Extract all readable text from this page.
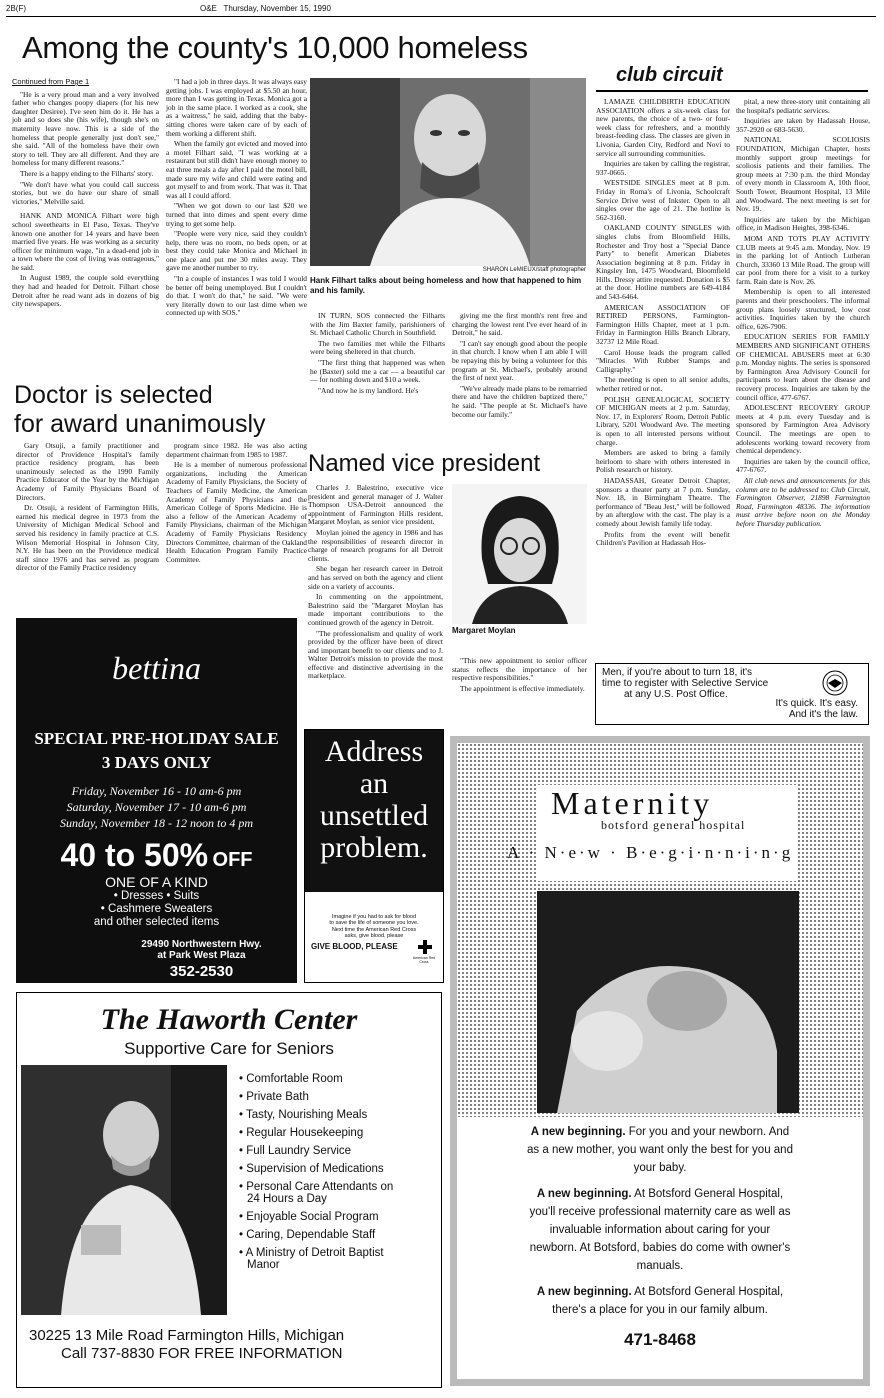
2B(F)	O&E Thursday, November 15, 1990
Among the county's 10,000 homeless
Continued from Page 1

"He is a very proud man and a very involved father who changes poopy diapers (for his new daughter Desiree). I've seen him do it. He has a job and so does she (his wife), though she's on maternity leave now. This is a side of the homeless that people generally just don't see," she said. "All of the homeless have their own story to tell. They are all different. And they are homeless for many different reasons."

There is a happy ending to the Filharts' story.

"We don't have what you could call success stories, but we do have our share of small victories," Melville said.

HANK AND MONICA Filhart were high school sweethearts in El Paso, Texas. They've known one another for 14 years and have been married five years. He was working as a security officer for minimum wage, "in a dead-end job in a town where the cost of living was outrageous," he said.

In August 1989, the couple sold everything they had and headed for Detroit. Filhart chose Detroit after he read want ads in dozens of big city newspapers.

"I had a job in three days. It was always easy getting jobs. I was employed at $5.50 an hour, more than I was getting in Texas. Monica got a job in the same place. I worked as a cook, she as a waitress," he said, adding that the baby-sitting chores were taken care of by each of them working a different shift.

When the family got evicted and moved into a motel Filhart said, "I was working at a restaurant but still didn't have enough money to eat three meals a day after I paid the motel bill, made sure my wife and child were eating and got myself to and from work. That was it. That was all I could afford.

"When we got down to our last $20 we turned that into dimes and spent every dime trying to get some help.

"People were very nice, said they couldn't help, there was no room, no beds open, or at best they could take Monica and Michael in one place and put me 30 miles away. They gave me another number to try.

"In a couple of instances I was told I would be better off being unemployed. But I couldn't do that. I won't do that," he said. "We were very literally down to our last dime when we connected up with SOS."

SHARON LeMIEUX/staff photographer
Hank Filhart talks about being homeless and how that happened to him and his family.

IN TURN, SOS connected the Filharts with the Jim Baxter family, parishioners of St. Michael Catholic Church in Southfield.

The two families met while the Filharts were being sheltered in that church.

"The first thing that happened was when he (Baxter) sold me a car — a beautiful car — for nothing down and $10 a week.

"And now he is my landlord. He's

giving me the first month's rent free and charging the lowest rent I've ever heard of in Detroit," he said.

"I can't say enough good about the people in that church. I know when I am able I will be repaying this by being a volunteer for this program at St. Michael's, probably around the first of next year.

"We've already made plans to be remarried there and have the children baptized there," he said. "The people at St. Michael's have become our family."

Doctor is selected
for award unanimously

Gary Otsuji, a family practitioner and director of Providence Hospital's family practice residency program, has been unanimously selected as the 1990 Family Practice Educator of the Year by the Michigan Academy of Family Physicians Board of Directors.

Dr. Otsuji, a resident of Farmington Hills, earned his medical degree in 1973 from the University of Michigan Medical School and served his residency in family practice at C.S. Wilson Memorial Hospital in Johnson City, N.Y. He has been on the Providence medical staff since 1976 and has served as program director of the Family Practice residency

program since 1982. He was also acting department chairman from 1985 to 1987.

He is a member of numerous professional organizations, including the American Academy of Family Physicians, the Society of Teachers of Family Medicine, the American Academy of Family Physicians and the American College of Sports Medicine. He is also a fellow of the American Academy of Family Physicians, chairman of the Michigan Academy of Family Physicians Residency Directors Committee, chairman of the Oakland Health Education Program Family Practice Committee.

Named vice president

Charles J. Balestrino, executive vice president and general manager of J. Walter Thompson USA-Detroit announced the appointment of Farmington Hills resident, Margaret Moylan, as senior vice president.

Moylan joined the agency in 1986 and has the responsibilities of research director in charge of research programs for all Detroit clients.

She began her research career in Detroit and has served on both the agency and client side on a variety of accounts.

In commenting on the appointment, Balestrino said the "Margaret Moylan has made important contributions to the continued growth of the agency in Detroit.

"The professionalism and quality of work provided by the officer have been of direct and important benefit to our clients and to J. Walter Detroit's mission to provide the most effective and distinctive advertising in the marketplace.

Margaret Moylan

"This new appointment to senior officer status reflects the importance of her respective responsibilities."

The appointment is effective immediately.

club circuit

LAMAZE CHILDBIRTH EDUCATION ASSOCIATION offers a six-week class for new parents, the choice of a two- or four-week class for refreshers, and a monthly breast-feeding class. The classes are given in Livonia, Garden City, Redford and Novi to service all surrounding communities.

Inquiries are taken by calling the registrar, 937-0665.

WESTSIDE SINGLES meet at 8 p.m. Friday in Roma's of Livonia, Schoolcraft Service Drive west of Inkster. Open to all singles over the age of 21. The hotline is 562-3160.

OAKLAND COUNTY SINGLES with singles clubs from Bloomfield Hills, Rochester and Troy host a "Special Dance Party" to benefit American Diabetes Association beginning at 8 p.m. Friday in Kingsley Inn, 1475 Woodward, Bloomfield Hills. Dressy attire requested. Donation is $5 at the door. Hotline numbers are 649-4184 and 543-6464.

AMERICAN ASSOCIATION OF RETIRED PERSONS, Farmington-Farmington Hills Chapter, meet at 1 p.m. Friday in Farmington Hills Branch Library, 32737 12 Mile Road.

Carol House leads the program called "Miracles With Rubber Stamps and Calligraphy."

The meeting is open to all senior adults, whether retired or not.

POLISH GENEALOGICAL SOCIETY OF MICHIGAN meets at 2 p.m. Saturday, Nov. 17, in Explorers' Room, Detroit Public Library, 5201 Woodward Ave. The meeting is open to all interested persons without charge.

Members are asked to bring a family heirloom to share with others interested in Polish research or history.

HADASSAH, Greater Detroit Chapter, sponsors a theater party at 7 p.m. Sunday, Nov. 18, in Birmingham Theatre. The performance of "Beau Jest," will be followed by an afterglow with the cast. The play is a comedy about Jewish family life today.

Profits from the event will benefit Children's Pavilion at Hadassah Hos-

pital, a new three-story unit containing all the hospital's pediatric services.

Inquiries are taken by Hadassah House, 357-2920 or 683-5630.

NATIONAL SCOLIOSIS FOUNDATION, Michigan Chapter, hosts monthly support group meetings for scoliosis patients and their families. The group meets at 7:30 p.m. the third Monday of every month in Classroom A, 10th floor, South Tower, Beaumont Hospital, 13 Mile and Woodward. The next meeting is set for Nov. 19.

Inquiries are taken by the Michigan office, in Madison Heights, 398-6346.

MOM AND TOTS PLAY ACTIVITY CLUB meets at 9:45 a.m. Monday, Nov. 19 in the parking lot of Antioch Lutheran Church, 33360 13 Mile Road. The group will car pool from there for a visit to a turkey farm. Rain date is Nov. 26.

Membership is open to all interested parents and their preschoolers. The informal group plans loosely structured, low cost activities. Inquiries taken by the church office, 626-7906.

EDUCATION SERIES FOR FAMILY MEMBERS AND SIGNIFICANT OTHERS OF CHEMICAL ABUSERS meet at 6:30 p.m. Monday nights. The series is sponsored by Farmington Area Advisory Council for participants to learn about the disease and recovery process. Inquiries are taken by the council office, 477-6767.

ADOLESCENT RECOVERY GROUP meets at 4 p.m. every Tuesday and is sponsored by Farmington Area Advisory Council. The meetings are open to adolescents working toward recovery from chemical dependency.

Inquiries are taken by the council office, 477-6767.

All club news and announcements for this column are to be addressed to: Club Circuit, Farmington Observer, 21898 Farmington Road, Farmington 48336. The information must arrive before noon on the Monday before Thursday publication.

Men, if you're about to turn 18, it's
time to register with Selective Service
at any U.S. Post Office.
It's quick. It's easy.
And it's the law.
bettina
SPECIAL PRE-HOLIDAY SALE
3 DAYS ONLY
Friday, November 16 - 10 am-6 pm
Saturday, November 17 - 10 am-6 pm
Sunday, November 18 - 12 noon to 4 pm
40 to 50% OFF
ONE OF A KIND
• Dresses • Suits
• Cashmere Sweaters
and other selected items
29490 Northwestern Hwy.
at Park West Plaza
352-2530
all sales final • no returns • previous sales excluded
Address
an
unsettled
problem.
Imagine if you had to ask for blood
to save the life of someone you love.
Next time the American Red Cross
asks, give blood, please
GIVE BLOOD, PLEASE
American Red Cross
The Haworth Center
Supportive Care for Seniors
• Comfortable Room
• Private Bath
• Tasty, Nourishing Meals
• Regular Housekeeping
• Full Laundry Service
• Supervision of Medications
• Personal Care Attendants on
24 Hours a Day
• Enjoyable Social Program
• Caring, Dependable Staff
• A Ministry of Detroit Baptist
Manor
30225 13 Mile Road Farmington Hills, Michigan
Call 737-8830 FOR FREE INFORMATION
Maternity
botsford general hospital
A · N·e·w · B·e·g·i·n·n·i·n·g

A new beginning. For you and your newborn. And as a new mother, you want only the best for you and your baby.

A new beginning. At Botsford General Hospital, you'll receive professional maternity care as well as invaluable information about caring for your newborn. At Botsford, babies do come with owner's manuals.

A new beginning. At Botsford General Hospital, there's a place for you in our family album.

471-8468
